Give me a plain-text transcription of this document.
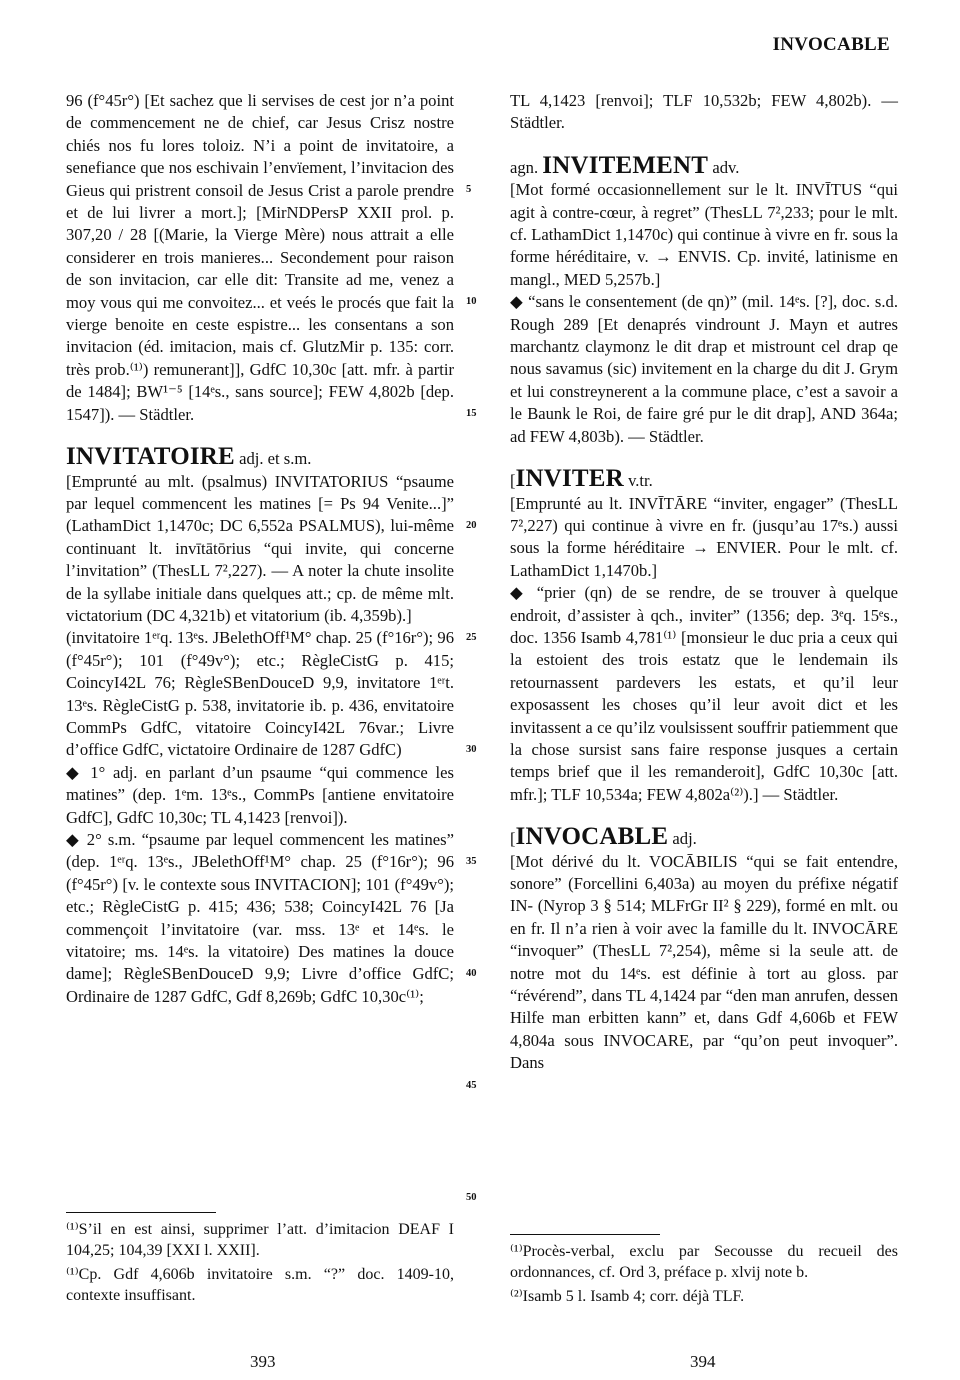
INVOCABLE

96 (f°45r°) [Et sachez que li servises de cest jor n’a point de commencement ne de chief, car Jesus Crisz nostre chiés nos fu lores toloiz. N’i a point de invitatoire, a senefiance que nos eschivain l’envïement, l’invitacion des Gieus qui pristrent consoil de Jesus Crist a parole prendre et de lui livrer a mort.]; [MirNDPersP XXII prol. p. 307,20 / 28 [(Marie, la Vierge Mère) nous attrait a elle considerer en trois manieres... Secondement pour raison de son invitacion, car elle dit: Transite ad me, venez a moy vous qui me convoitez... et veés le procés que fait la vierge benoite en ceste espistre... les consentans a son invitacion (éd. imitacion, mais cf. GlutzMir p. 135: corr. très prob.⁽¹⁾) remunerant]], GdfC 10,30c [att. mfr. à partir de 1484]; BW¹⁻⁵ [14ᵉs., sans source]; FEW 4,802b [dep. 1547]). — Städtler.

INVITATOIRE adj. et s.m.

[Emprunté au mlt. (psalmus) INVITATORIUS “psaume par lequel commencent les matines [= Ps 94 Venite...]” (LathamDict 1,1470c; DC 6,552a PSALMUS), lui-même continuant lt. invītātōrius “qui invite, qui concerne l’invitation” (ThesLL 7²,227). — A noter la chute insolite de la syllabe initiale dans quelques att.; cp. de même mlt. victatorium (DC 4,321b) et vitatorium (ib. 4,359b).]

(invitatoire 1ᵉʳq. 13ᵉs. JBelethOff¹M° chap. 25 (f°16r°); 96 (f°45r°); 101 (f°49v°); etc.; RègleCistG p. 415; CoincyI42L 76; RègleSBenDouceD 9,9, invitatore 1ᵉʳt. 13ᵉs. RègleCistG p. 538, invitatorie ib. p. 436, envitatoire CommPs GdfC, vitatoire CoincyI42L 76var.; Livre d’office GdfC, victatoire Ordinaire de 1287 GdfC)

◆ 1° adj. en parlant d’un psaume “qui commence les matines” (dep. 1ᵉm. 13ᵉs., CommPs [antiene envitatoire GdfC], GdfC 10,30c; TL 4,1423 [renvoi]).

◆ 2° s.m. “psaume par lequel commencent les matines” (dep. 1ᵉʳq. 13ᵉs., JBelethOff¹M° chap. 25 (f°16r°); 96 (f°45r°) [v. le contexte sous INVITACION]; 101 (f°49v°); etc.; RègleCistG p. 415; 436; 538; CoincyI42L 76 [Ja commençoit l’invitatoire (var. mss. 13ᵉ et 14ᵉs. le vitatoire; ms. 14ᵉs. la vitatoire) Des matines la douce dame]; RègleSBenDouceD 9,9; Livre d’office GdfC; Ordinaire de 1287 GdfC, Gdf 8,269b; GdfC 10,30c⁽¹⁾;

⁽¹⁾S’il en est ainsi, supprimer l’att. d’imitacion DEAF I 104,25; 104,39 [XXI l. XXII].

⁽¹⁾Cp. Gdf 4,606b invitatoire s.m. “?” doc. 1409-10, contexte insuffisant.

393
5
10
15
20
25
30
35
40
45
50

TL 4,1423 [renvoi]; TLF 10,532b; FEW 4,802b). — Städtler.

agn. INVITEMENT adv.

[Mot formé occasionnellement sur le lt. INVĪTUS “qui agit à contre-cœur, à regret” (ThesLL 7²,233; pour le mlt. cf. LathamDict 1,1470c) qui continue à vivre en fr. sous la forme héréditaire, v. → ENVIS. Cp. invité, latinisme en mangl., MED 5,257b.]

◆ “sans le consentement (de qn)” (mil. 14ᵉs. [?], doc. s.d. Rough 289 [Et denaprés vindrount J. Mayn et autres marchantz claymonz le dit drap et mistrount cel drap qe nous savamus (sic) invitement en la charge du dit J. Grym et lui constreynerent a la commune place, c’est a savoir a le Baunk le Roi, de faire gré pur le dit drap], AND 364a; ad FEW 4,803b). — Städtler.

[INVITER v.tr.

[Emprunté au lt. INVĪTĀRE “inviter, engager” (ThesLL 7²,227) qui continue à vivre en fr. (jusqu’au 17ᵉs.) aussi sous la forme héréditaire → ENVIER. Pour le mlt. cf. LathamDict 1,1470b.]

◆ “prier (qn) de se rendre, de se trouver à quelque endroit, d’assister à qch., inviter” (1356; dep. 3ᵉq. 15ᵉs., doc. 1356 Isamb 4,781⁽¹⁾ [monsieur le duc pria a ceux qui la estoient des trois estatz que le lendemain ils retournassent pardevers les estats, et qu’il leur exposassent les choses qu’il leur avoit dict et les invitassent a ce qu’ilz voulsissent souffrir patiemment que la chose sursist sans faire response jusques a certain temps brief que il les remanderoit], GdfC 10,30c [att. mfr.]; TLF 10,534a; FEW 4,802a⁽²⁾).] — Städtler.

[INVOCABLE adj.

[Mot dérivé du lt. VOCĀBILIS “qui se fait entendre, sonore” (Forcellini 6,403a) au moyen du préfixe négatif IN- (Nyrop 3 § 514; MLFrGr II² § 229), formé en mlt. ou en fr. Il n’a rien à voir avec la famille du lt. INVOCĀRE “invoquer” (ThesLL 7²,254), même si la seule att. de notre mot du 14ᵉs. est définie à tort au gloss. par “révérend”, dans TL 4,1424 par “den man anrufen, dessen Hilfe man erbitten kann” et, dans Gdf 4,606b et FEW 4,804a sous INVOCARE, par “qu’on peut invoquer”. Dans

⁽¹⁾Procès-verbal, exclu par Secousse du recueil des ordonnances, cf. Ord 3, préface p. xlvij note b.

⁽²⁾Isamb 5 l. Isamb 4; corr. déjà TLF.

394
